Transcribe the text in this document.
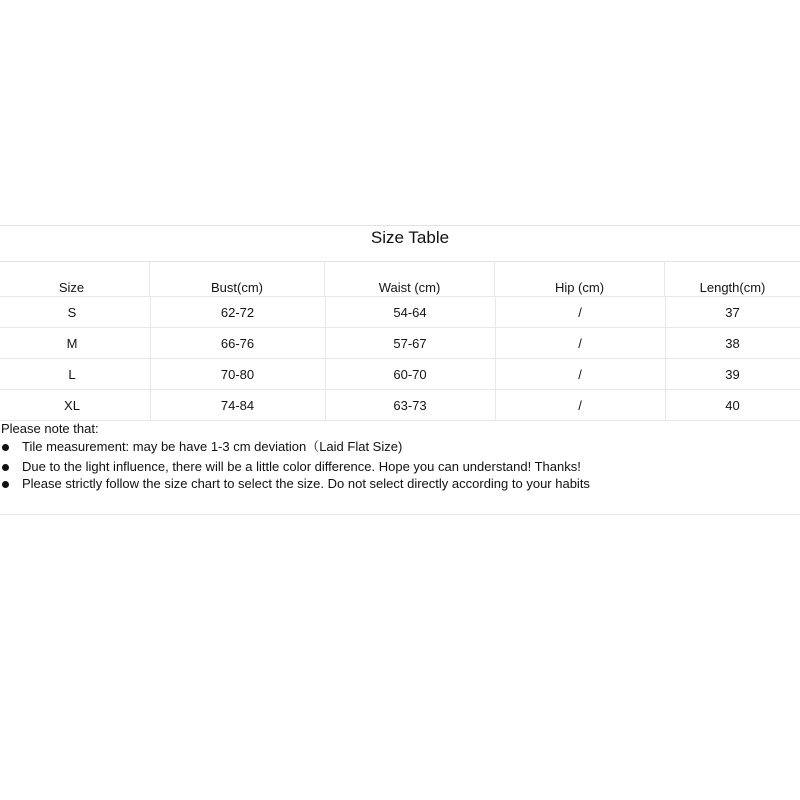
Size Table
Size	Bust(cm)	Waist (cm)	Hip (cm)	Length(cm)
S	62-72	54-64	/	37
M	66-76	57-67	/	38
L	70-80	60-70	/	39
XL	74-84	63-73	/	40
Please note that:
Tile measurement: may be have 1-3 cm deviation（Laid Flat Size)
Due to the light influence, there will be a little color difference. Hope you can understand! Thanks!
Please strictly follow the size chart to select the size. Do not select directly according to your habits
